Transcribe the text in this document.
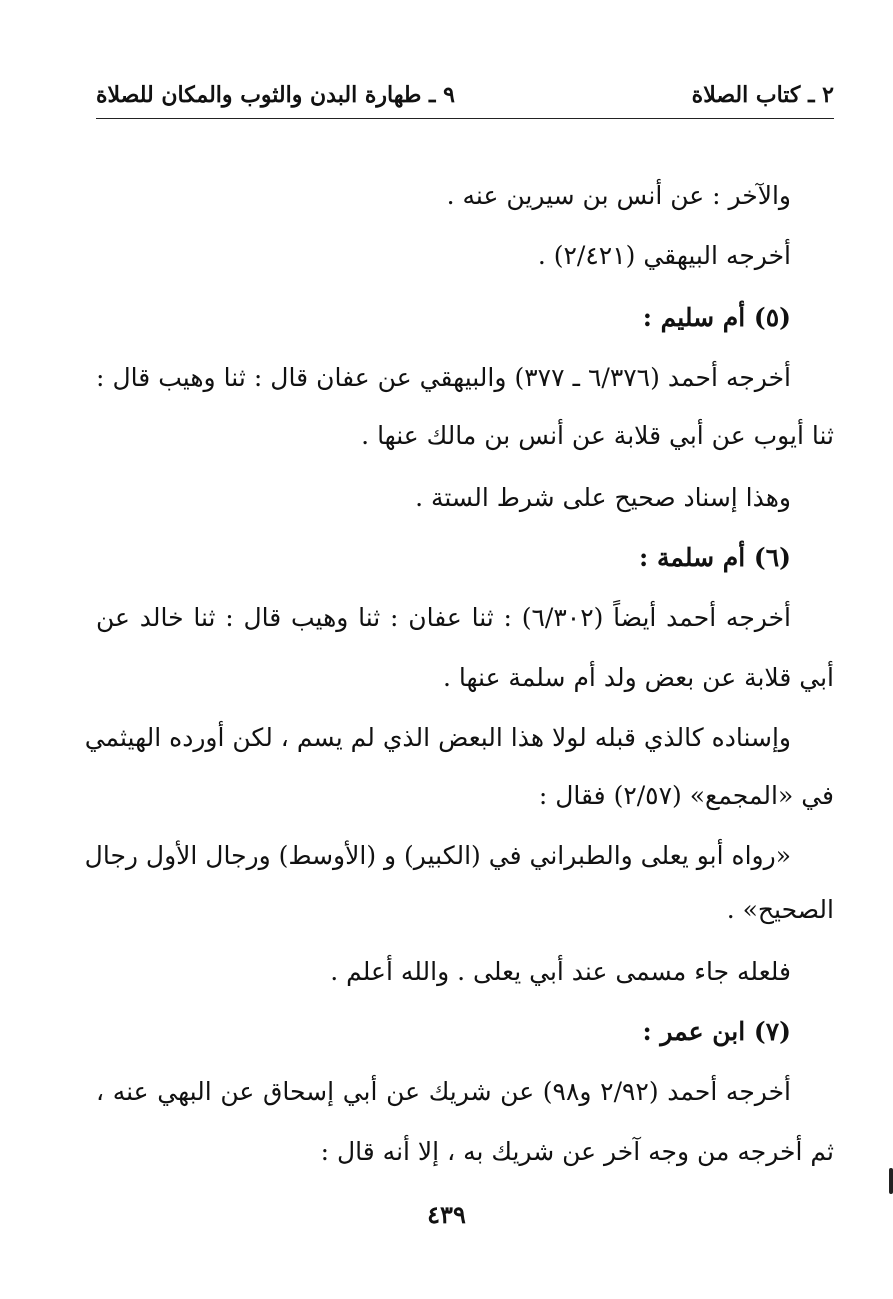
٢ ـ كتاب الصلاة
٩ ـ طهارة البدن والثوب والمكان للصلاة
والآخر : عن أنس بن سيرين عنه .
أخرجه البيهقي (٢/٤٢١) .
(٥) أم سليم :
أخرجه أحمد (٦/٣٧٦ ـ ٣٧٧) والبيهقي عن عفان قال : ثنا وهيب قال :
ثنا أيوب عن أبي قلابة عن أنس بن مالك عنها .
وهذا إسناد صحيح على شرط الستة .
(٦) أم سلمة :
أخرجه أحمد أيضاً (٦/٣٠٢) : ثنا عفان : ثنا وهيب قال : ثنا خالد عن
أبي قلابة عن بعض ولد أم سلمة عنها .
وإسناده كالذي قبله لولا هذا البعض الذي لم يسم ، لكن أورده الهيثمي
في «المجمع» (٢/٥٧) فقال :
«رواه أبو يعلى والطبراني في (الكبير) و (الأوسط) ورجال الأول رجال
الصحيح» .
فلعله جاء مسمى عند أبي يعلى . والله أعلم .
(٧) ابن عمر :
أخرجه أحمد (٢/٩٢ و٩٨) عن شريك عن أبي إسحاق عن البهي عنه ،
ثم أخرجه من وجه آخر عن شريك به ، إلا أنه قال :
٤٣٩
